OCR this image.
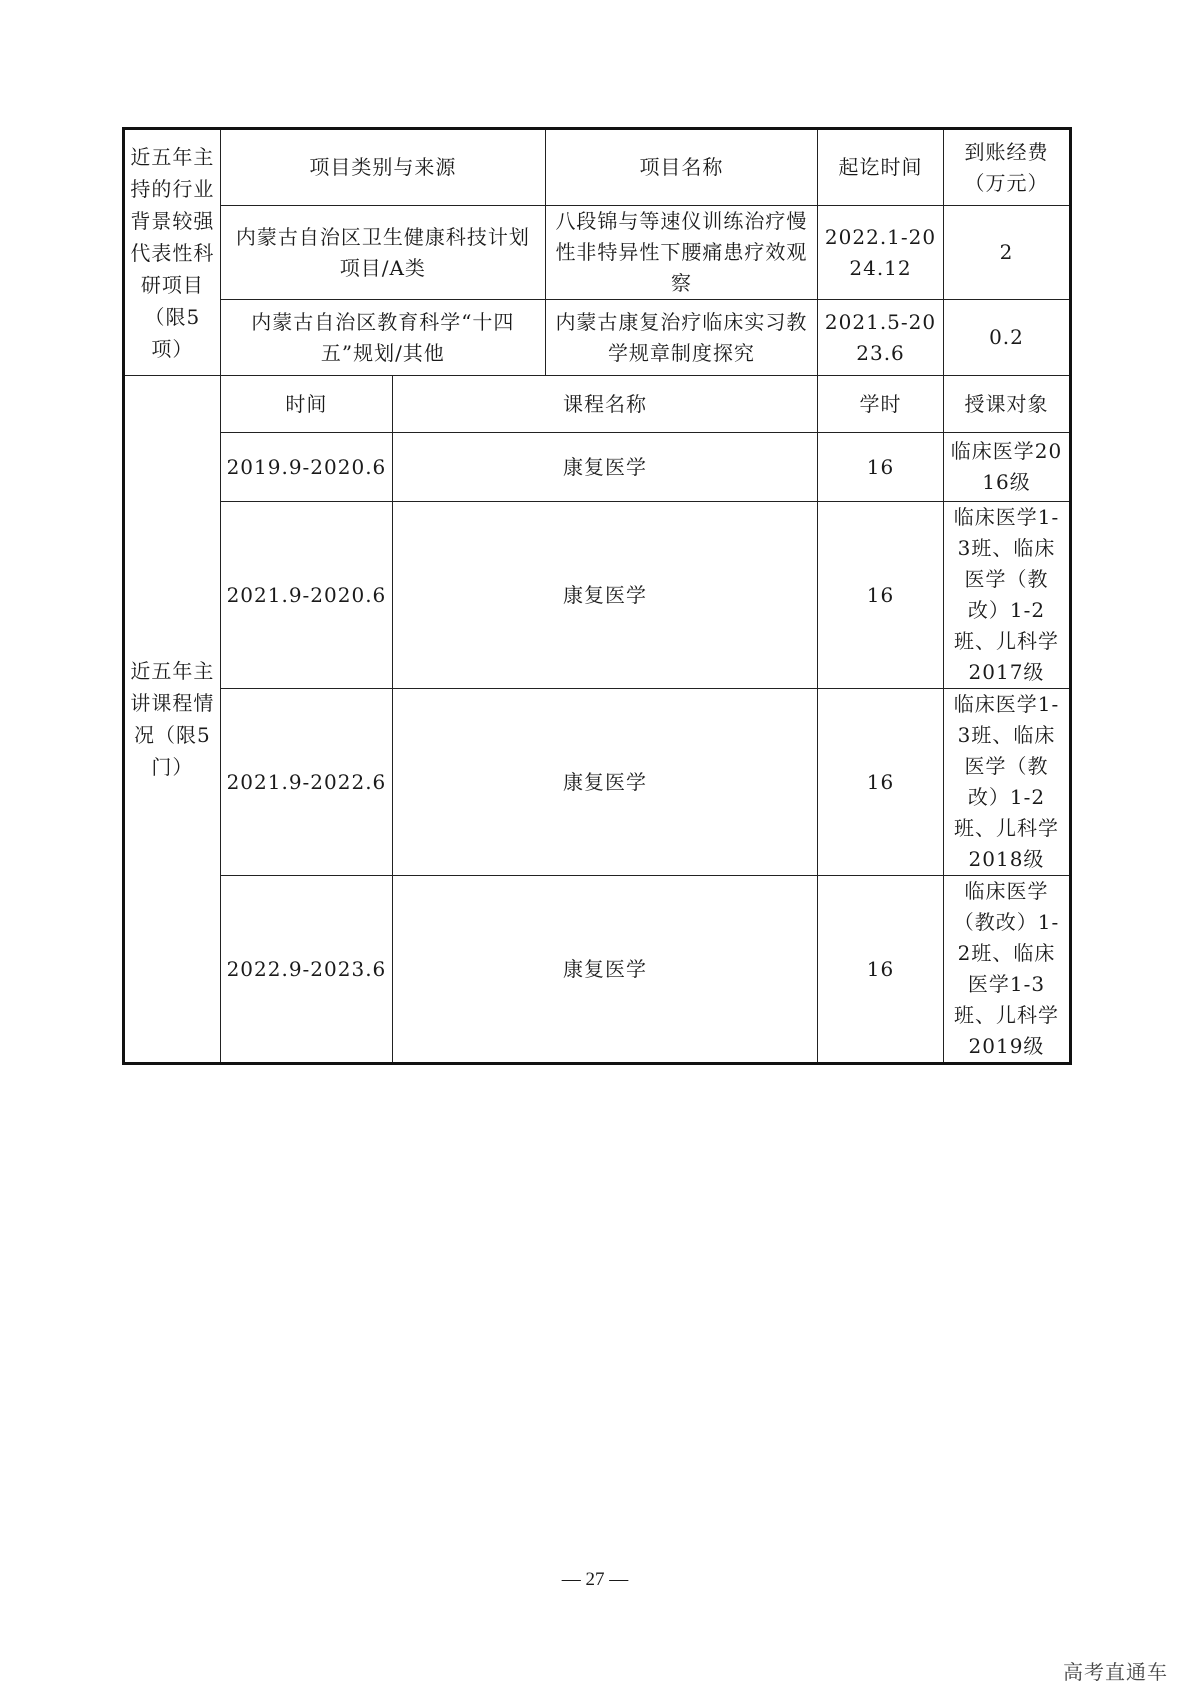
近五年主持的行业背景较强代表性科研项目（限5项）	项目类别与来源		项目名称	起讫时间	到账经费（万元）
	内蒙古自治区卫生健康科技计划项目/A类		八段锦与等速仪训练治疗慢性非特异性下腰痛患疗效观察	2022.1-2024.12	2
	内蒙古自治区教育科学“十四五”规划/其他		内蒙古康复治疗临床实习教学规章制度探究	2021.5-2023.6	0.2
近五年主讲课程情况（限5门）	时间	课程名称		学时	授课对象
	2019.9-2020.6	康复医学		16	临床医学2016级
	2021.9-2020.6	康复医学		16	临床医学1-3班、临床医学（教改）1-2班、儿科学2017级
	2021.9-2022.6	康复医学		16	临床医学1-3班、临床医学（教改）1-2班、儿科学2018级
	2022.9-2023.6	康复医学		16	临床医学（教改）1-2班、临床医学1-3班、儿科学2019级
— 27 —
高考直通车
